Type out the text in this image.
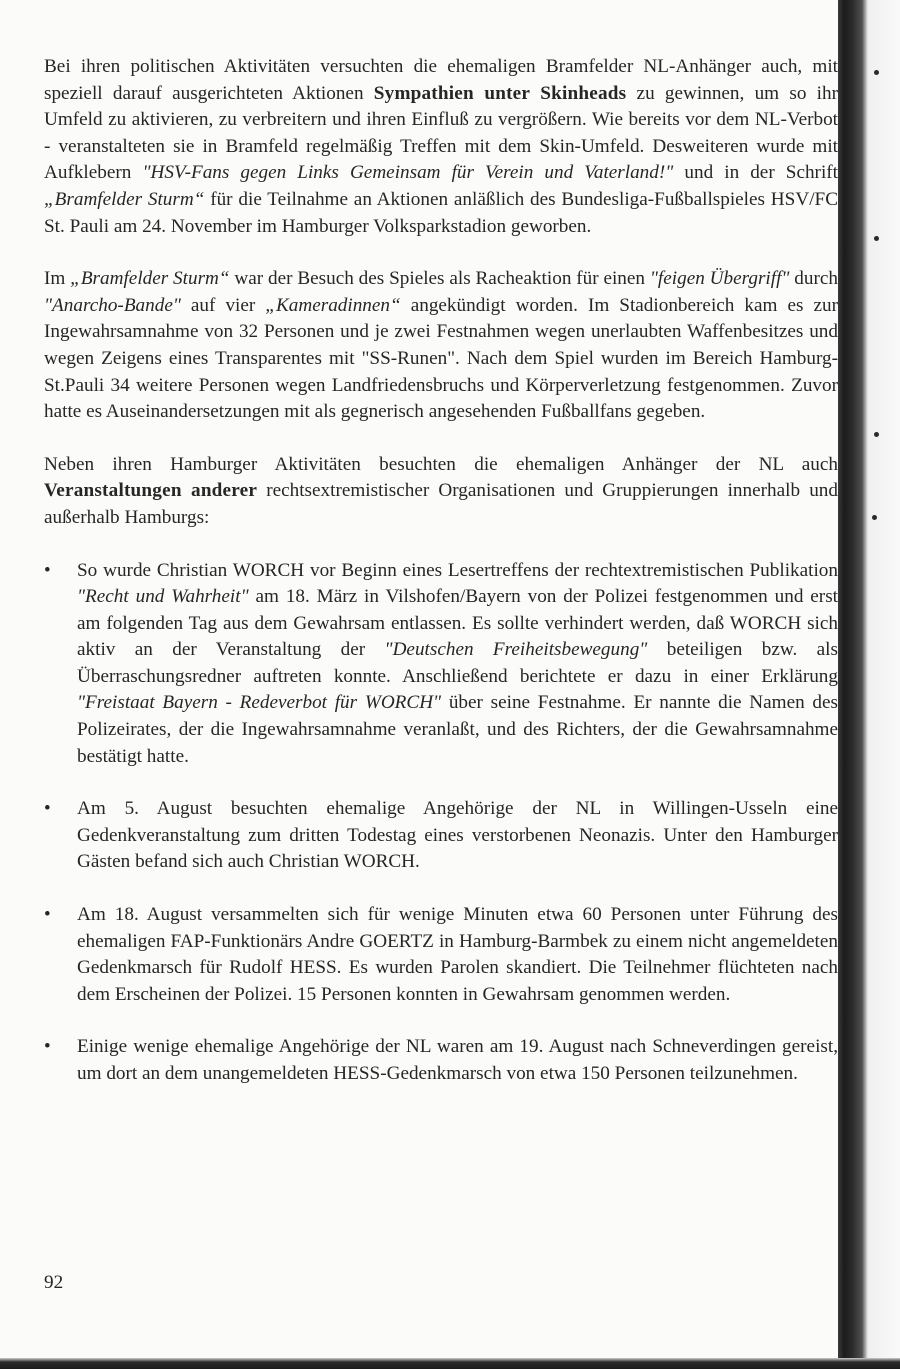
Bei ihren politischen Aktivitäten versuchten die ehemaligen Bramfelder NL-Anhänger auch, mit speziell darauf ausgerichteten Aktionen Sympathien unter Skinheads zu gewinnen, um so ihr Umfeld zu aktivieren, zu verbreitern und ihren Einfluß zu vergrößern. Wie bereits vor dem NL-Verbot - veranstalteten sie in Bramfeld regelmäßig Treffen mit dem Skin-Umfeld. Desweiteren wurde mit Aufklebern "HSV-Fans gegen Links Gemeinsam für Verein und Vaterland!" und in der Schrift „Bramfelder Sturm“ für die Teilnahme an Aktionen anläßlich des Bundesliga-Fußballspieles HSV/FC St. Pauli am 24. November im Hamburger Volksparkstadion geworben.

Im „Bramfelder Sturm“ war der Besuch des Spieles als Racheaktion für einen "feigen Übergriff" durch "Anarcho-Bande" auf vier „Kameradinnen“ angekündigt worden. Im Stadionbereich kam es zur Ingewahrsamnahme von 32 Personen und je zwei Festnahmen wegen unerlaubten Waffenbesitzes und wegen Zeigens eines Transparentes mit "SS-Runen". Nach dem Spiel wurden im Bereich Hamburg-St.Pauli 34 weitere Personen wegen Landfriedensbruchs und Körperverletzung festgenommen. Zuvor hatte es Auseinandersetzungen mit als gegnerisch angesehenden Fußballfans gegeben.

Neben ihren Hamburger Aktivitäten besuchten die ehemaligen Anhänger der NL auch Veranstaltungen anderer rechtsextremistischer Organisationen und Gruppierungen innerhalb und außerhalb Hamburgs:

• So wurde Christian WORCH vor Beginn eines Lesertreffens der rechtextremistischen Publikation "Recht und Wahrheit" am 18. März in Vilshofen/Bayern von der Polizei festgenommen und erst am folgenden Tag aus dem Gewahrsam entlassen. Es sollte verhindert werden, daß WORCH sich aktiv an der Veranstaltung der "Deutschen Freiheitsbewegung" beteiligen bzw. als Überraschungsredner auftreten konnte. Anschließend berichtete er dazu in einer Erklärung "Freistaat Bayern - Redeverbot für WORCH" über seine Festnahme. Er nannte die Namen des Polizeirates, der die Ingewahrsamnahme veranlaßt, und des Richters, der die Gewahrsamnahme bestätigt hatte.
• Am 5. August besuchten ehemalige Angehörige der NL in Willingen-Usseln eine Gedenkveranstaltung zum dritten Todestag eines verstorbenen Neonazis. Unter den Hamburger Gästen befand sich auch Christian WORCH.
• Am 18. August versammelten sich für wenige Minuten etwa 60 Personen unter Führung des ehemaligen FAP-Funktionärs Andre GOERTZ in Hamburg-Barmbek zu einem nicht angemeldeten Gedenkmarsch für Rudolf HESS. Es wurden Parolen skandiert. Die Teilnehmer flüchteten nach dem Erscheinen der Polizei. 15 Personen konnten in Gewahrsam genommen werden.
• Einige wenige ehemalige Angehörige der NL waren am 19. August nach Schneverdingen gereist, um dort an dem unangemeldeten HESS-Gedenkmarsch von etwa 150 Personen teilzunehmen.
92
